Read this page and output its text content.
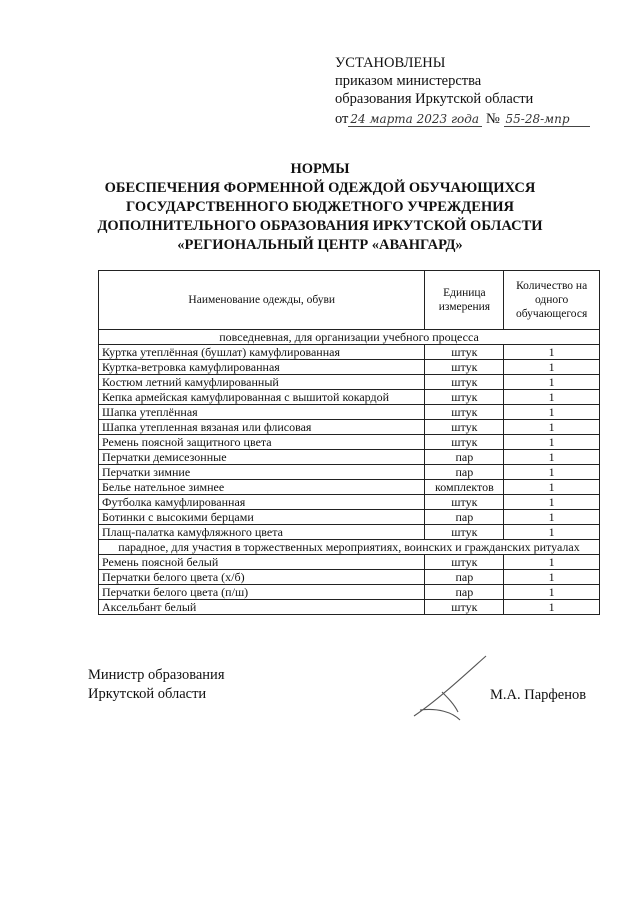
УСТАНОВЛЕНЫ
приказом министерства
образования Иркутской области
от 24 марта 2023 года № 55-28-мпр
НОРМЫ
ОБЕСПЕЧЕНИЯ ФОРМЕННОЙ ОДЕЖДОЙ ОБУЧАЮЩИХСЯ
ГОСУДАРСТВЕННОГО БЮДЖЕТНОГО УЧРЕЖДЕНИЯ
ДОПОЛНИТЕЛЬНОГО ОБРАЗОВАНИЯ ИРКУТСКОЙ ОБЛАСТИ
«РЕГИОНАЛЬНЫЙ ЦЕНТР «АВАНГАРД»
Наименование одежды, обуви	Единица измерения	Количество на одного обучающегося
повседневная, для организации учебного процесса		
Куртка утеплённая (бушлат) камуфлированная	штук	1
Куртка-ветровка камуфлированная	штук	1
Костюм летний камуфлированный	штук	1
Кепка армейская камуфлированная с вышитой кокардой	штук	1
Шапка утеплённая	штук	1
Шапка утепленная вязаная или флисовая	штук	1
Ремень поясной защитного цвета	штук	1
Перчатки демисезонные	пар	1
Перчатки зимние	пар	1
Белье нательное зимнее	комплектов	1
Футболка камуфлированная	штук	1
Ботинки с высокими берцами	пар	1
Плащ-палатка камуфляжного цвета	штук	1
парадное, для участия в торжественных мероприятиях, воинских и гражданских ритуалах		
Ремень поясной белый	штук	1
Перчатки белого цвета (х/б)	пар	1
Перчатки белого цвета (п/ш)	пар	1
Аксельбант белый	штук	1
Министр образования
Иркутской области	М.А. Парфенов
